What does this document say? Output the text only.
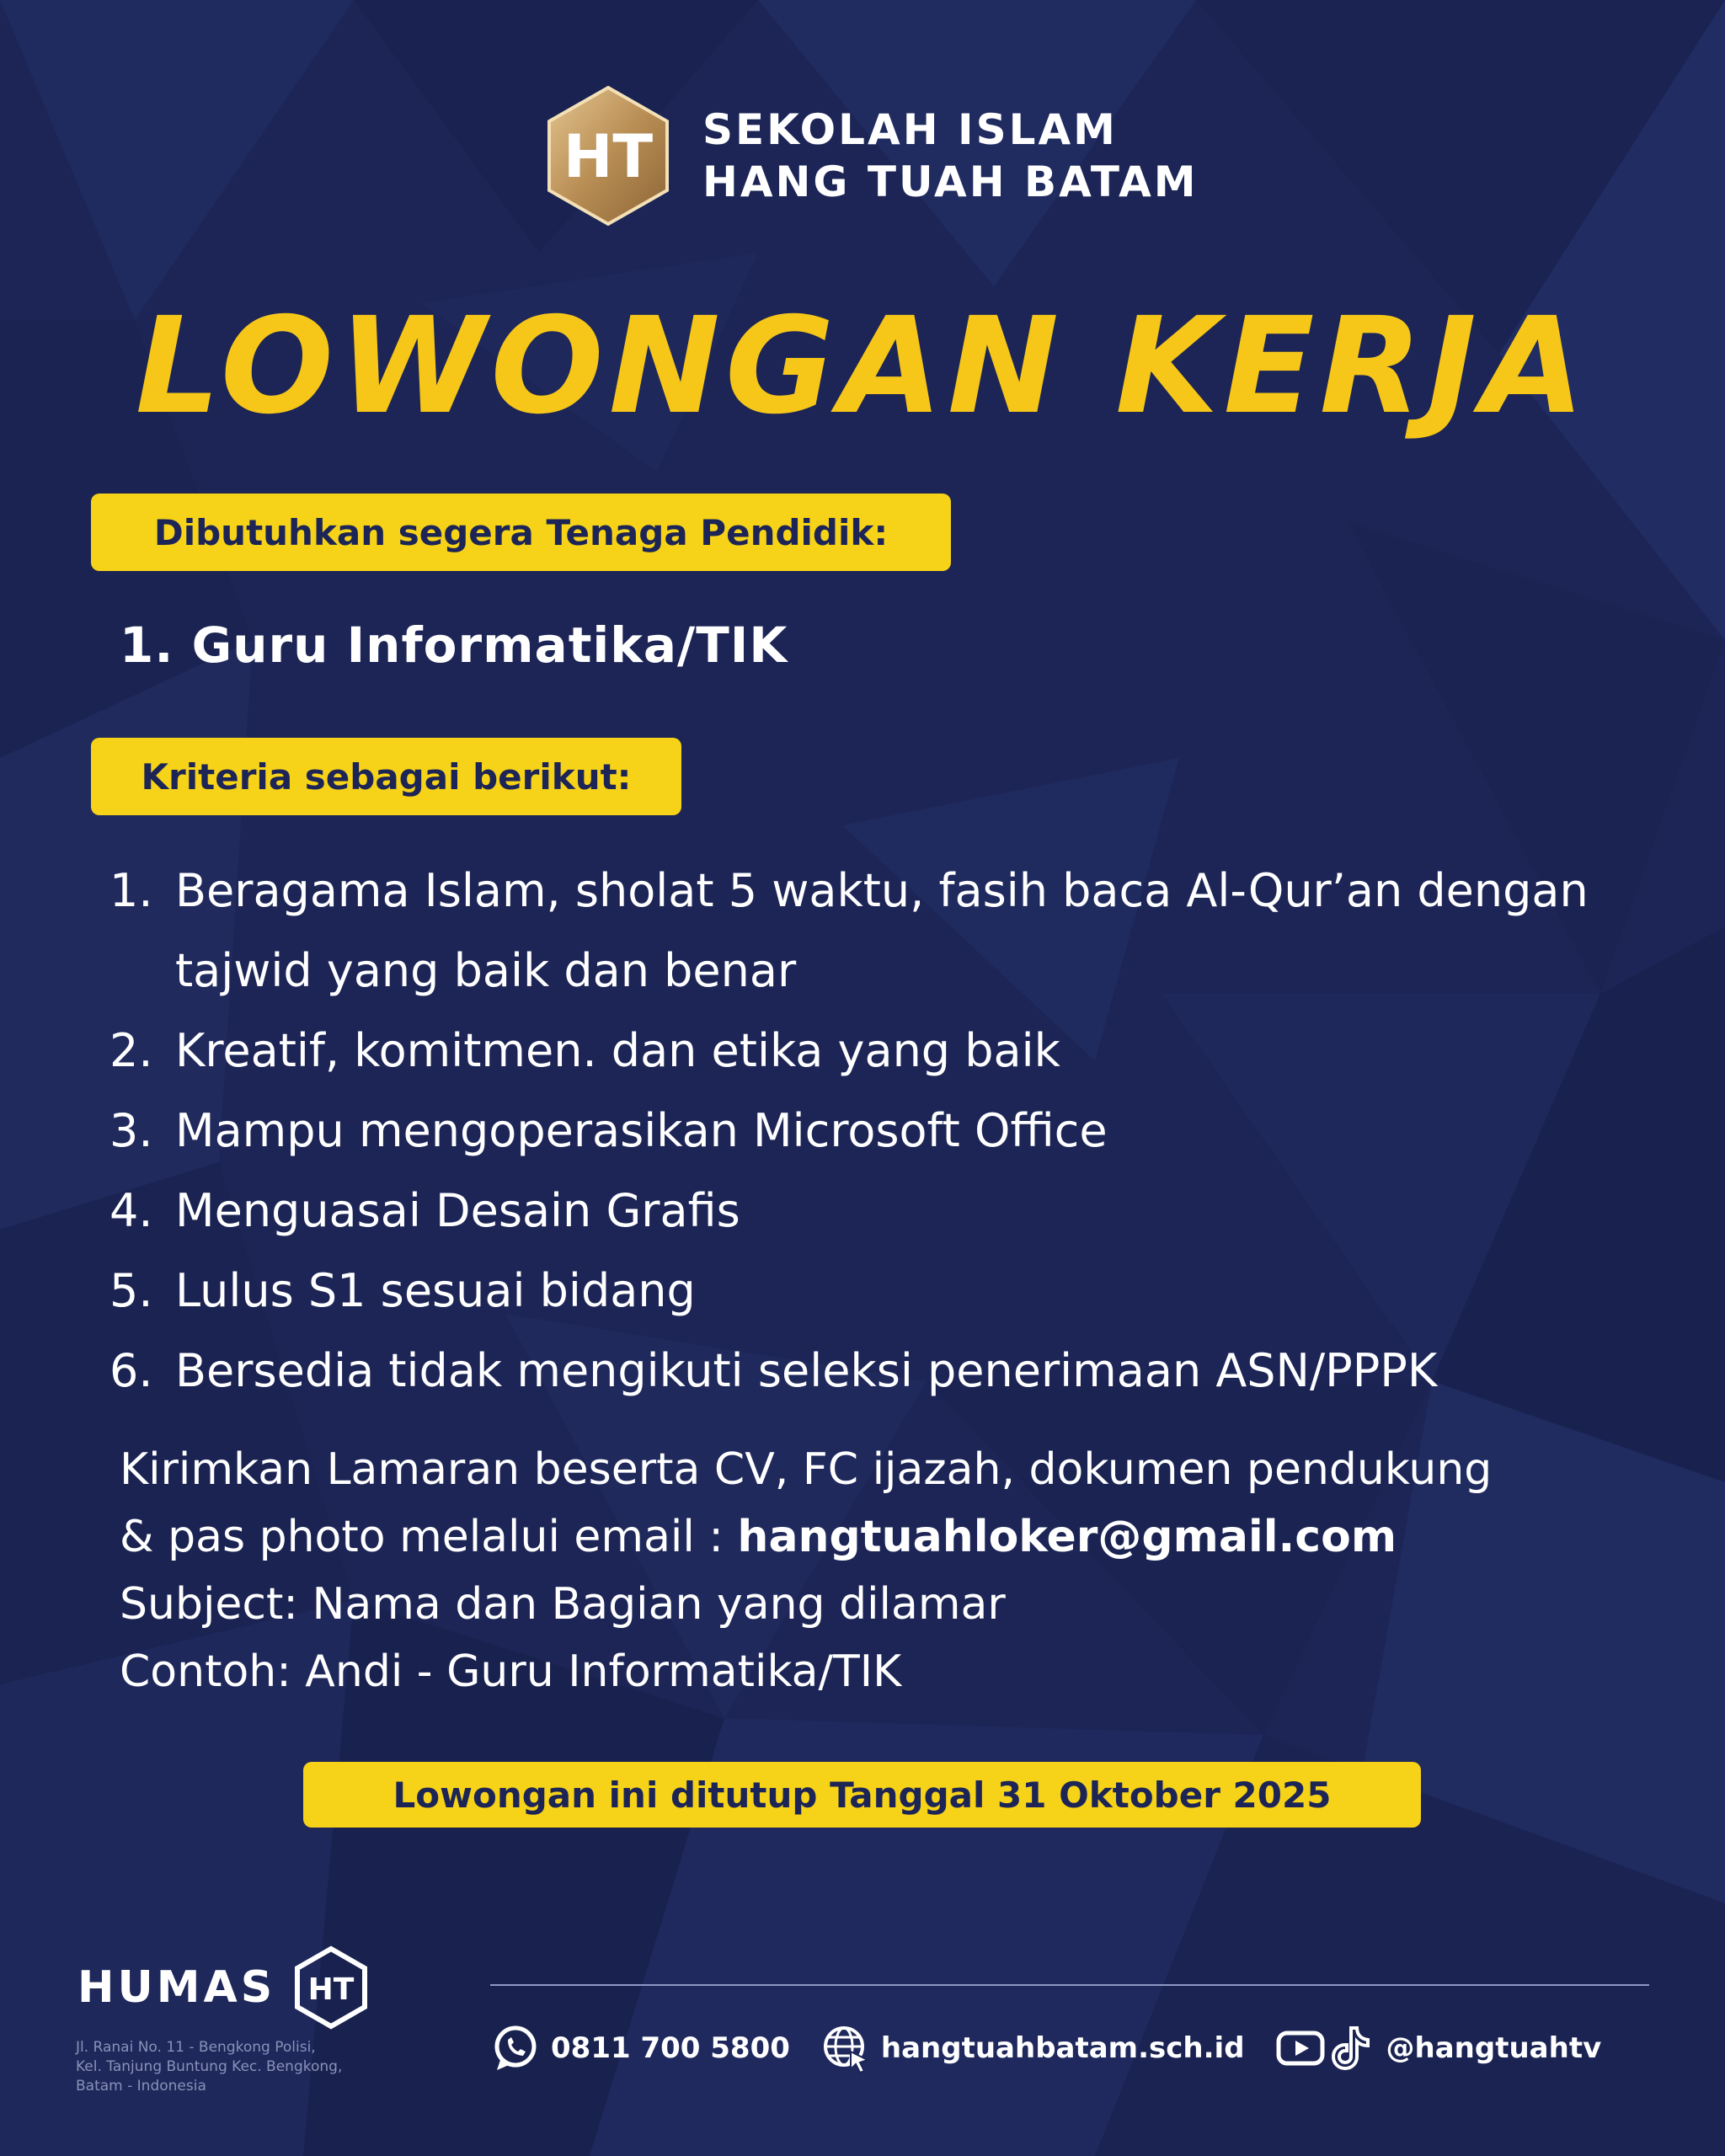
HT SEKOLAH ISLAM
HANG TUAH BATAM
LOWONGAN KERJA
Dibutuhkan segera Tenaga Pendidik:
1. Guru Informatika/TIK
Kriteria sebagai berikut:
1. Beragama Islam, sholat 5 waktu, fasih baca Al-Qur’an dengan tajwid yang baik dan benar
2. Kreatif, komitmen. dan etika yang baik
3. Mampu mengoperasikan Microsoft Office
4. Menguasai Desain Grafis
5. Lulus S1 sesuai bidang
6. Bersedia tidak mengikuti seleksi penerimaan ASN/PPPK
Kirimkan Lamaran beserta CV, FC ijazah, dokumen pendukung
& pas photo melalui email : hangtuahloker@gmail.com
Subject: Nama dan Bagian yang dilamar
Contoh: Andi - Guru Informatika/TIK
Lowongan ini ditutup Tanggal 31 Oktober 2025
HUMAS HT
Jl. Ranai No. 11 - Bengkong Polisi,
Kel. Tanjung Buntung Kec. Bengkong,
Batam - Indonesia
0811 700 5800	hangtuahbatam.sch.id	@hangtuahtv
